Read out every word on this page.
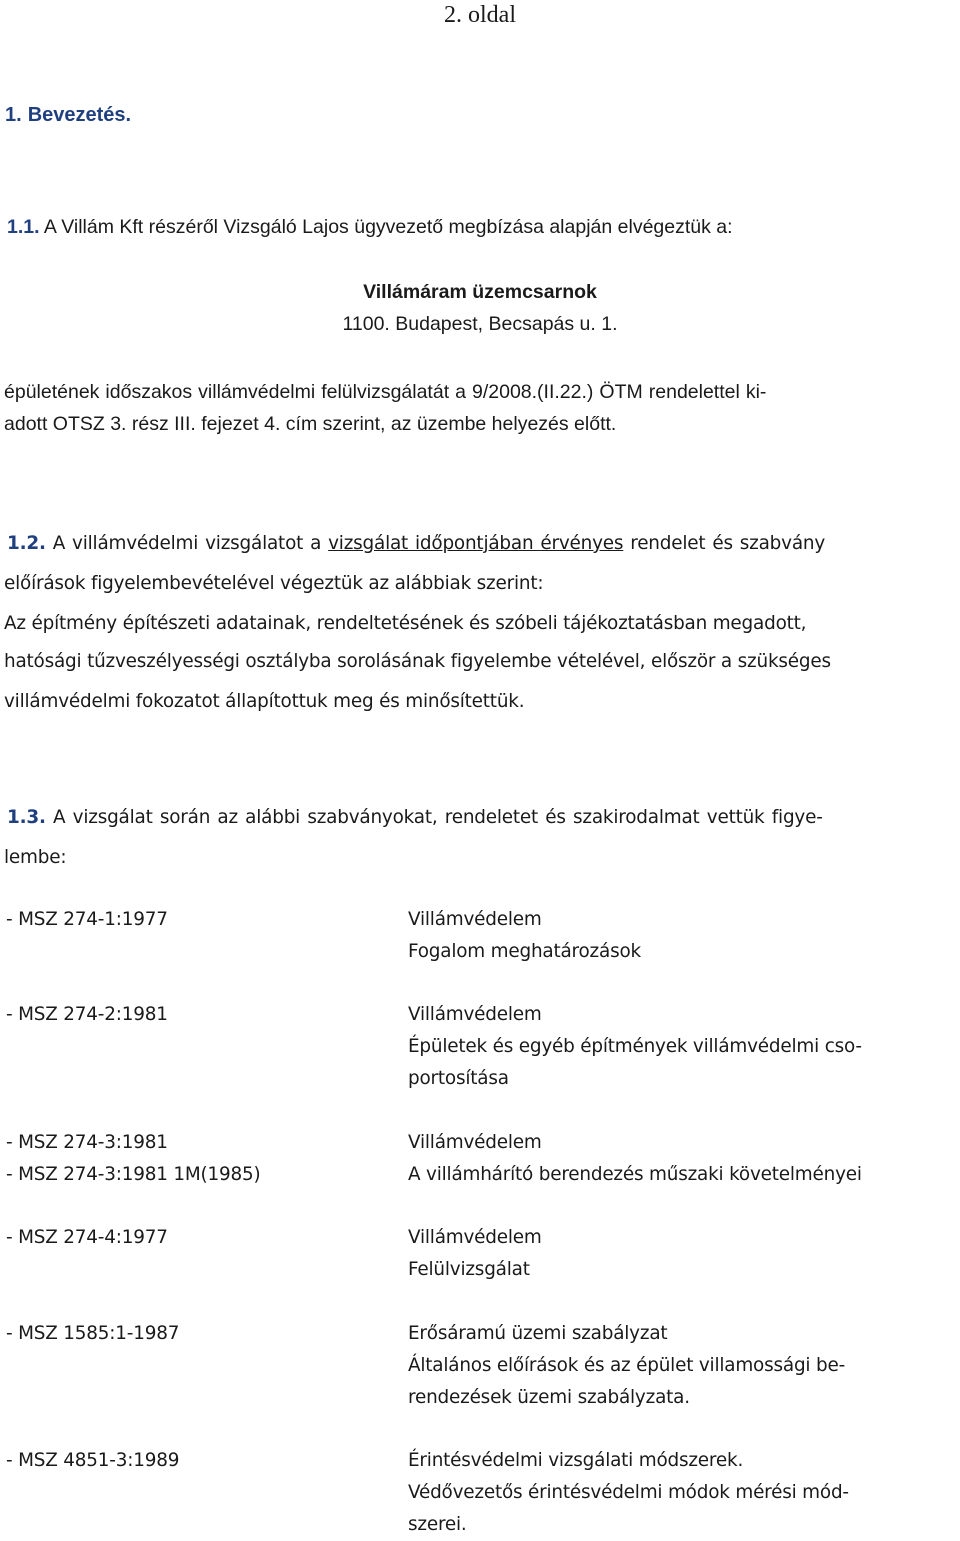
2. oldal
1. Bevezetés.
1.1. A Villám Kft részéről Vizsgáló Lajos ügyvezető megbízása alapján elvégeztük a:
Villámáram üzemcsarnok
1100. Budapest, Becsapás u. 1.
épületének időszakos villámvédelmi felülvizsgálatát a 9/2008.(II.22.) ÖTM rendelettel ki-
adott OTSZ 3. rész III. fejezet 4. cím szerint, az üzembe helyezés előtt.
1.2. A villámvédelmi vizsgálatot a vizsgálat időpontjában érvényes rendelet és szabvány
előírások figyelembevételével végeztük az alábbiak szerint:
Az építmény építészeti adatainak, rendeltetésének és szóbeli tájékoztatásban megadott,
hatósági tűzveszélyességi osztályba sorolásának figyelembe vételével, először a szükséges
villámvédelmi fokozatot állapítottuk meg és minősítettük.
1.3. A vizsgálat során az alábbi szabványokat, rendeletet és szakirodalmat vettük figye-
lembe:
- MSZ 274-1:1977	Villámvédelem
Fogalom meghatározások
- MSZ 274-2:1981	Villámvédelem
Épületek és egyéb építmények villámvédelmi cso-
portosítása
- MSZ 274-3:1981	Villámvédelem
- MSZ 274-3:1981 1M(1985)	A villámhárító berendezés műszaki követelményei
- MSZ 274-4:1977	Villámvédelem
Felülvizsgálat
- MSZ 1585:1-1987	Erősáramú üzemi szabályzat
Általános előírások és az épület villamossági be-
rendezések üzemi szabályzata.
- MSZ 4851-3:1989	Érintésvédelmi vizsgálati módszerek.
Védővezetős érintésvédelmi módok mérési mód-
szerei.
